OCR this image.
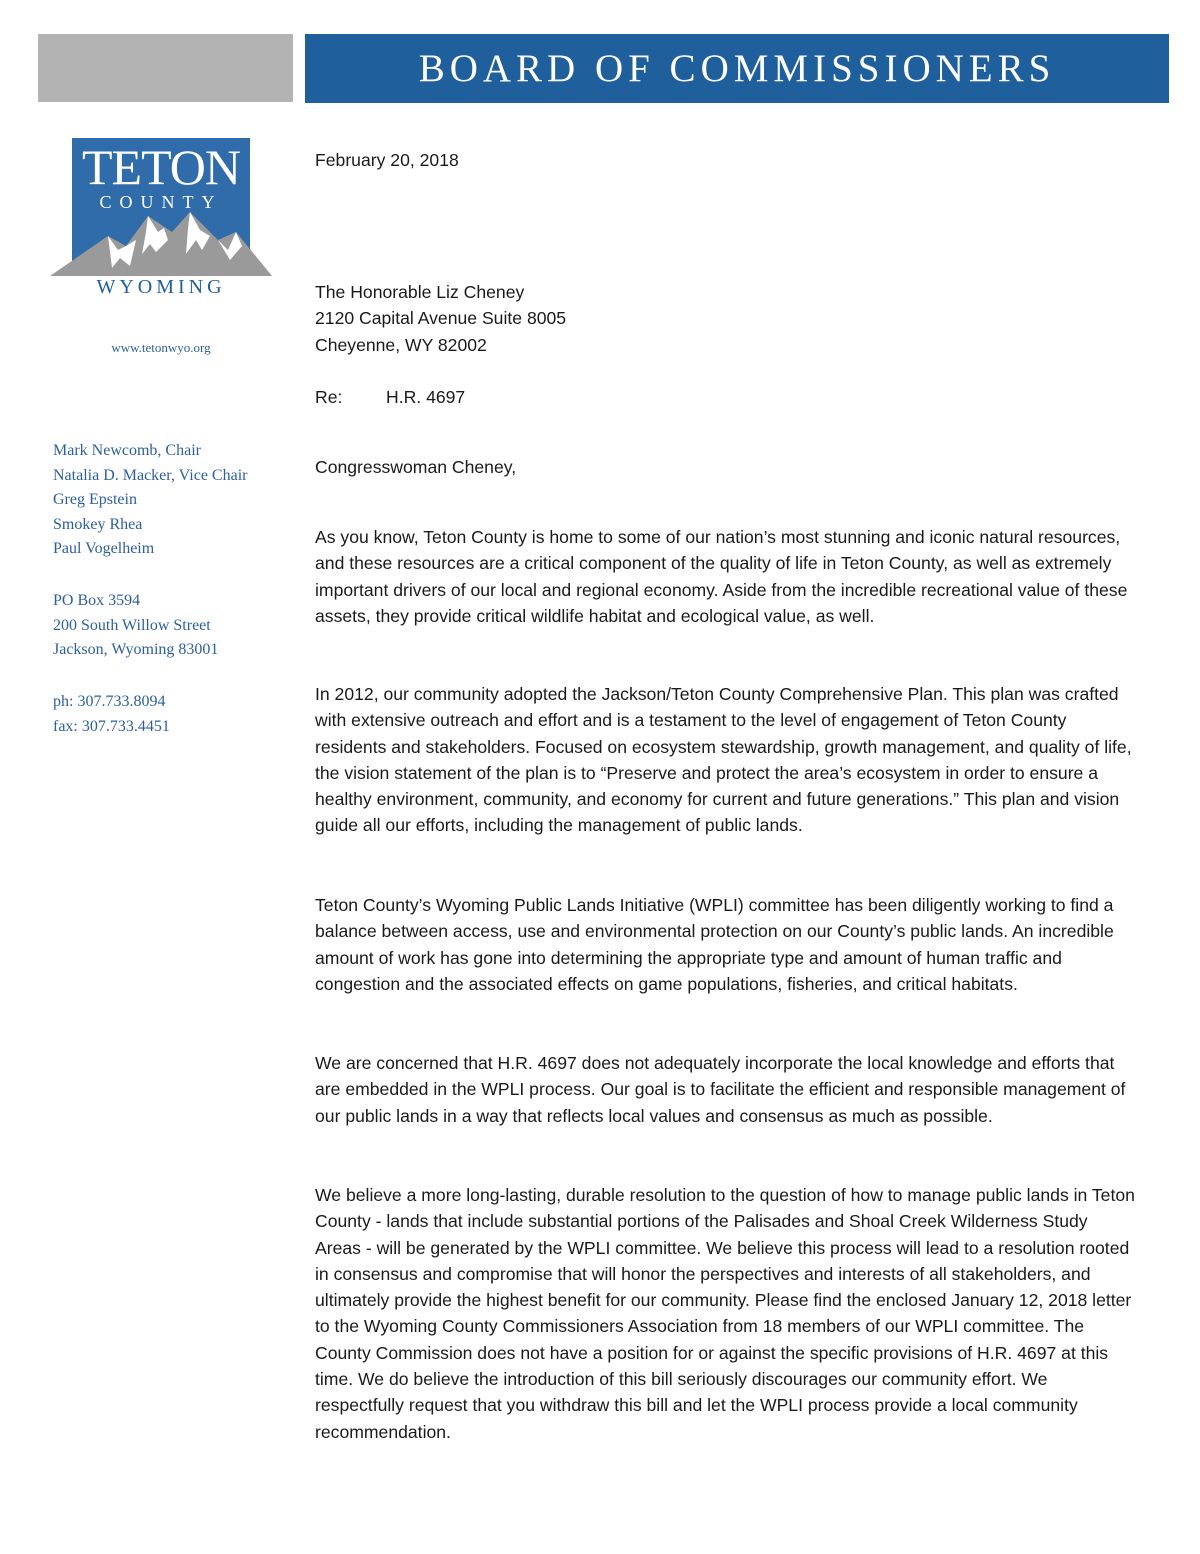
BOARD OF COMMISSIONERS
TETON
COUNTY
WYOMING
www.tetonwyo.org
Mark Newcomb, Chair
Natalia D. Macker, Vice Chair
Greg Epstein
Smokey Rhea
Paul Vogelheim
PO Box 3594
200 South Willow Street
Jackson, Wyoming 83001
ph: 307.733.8094
fax: 307.733.4451
February 20, 2018
The Honorable Liz Cheney
2120 Capital Avenue Suite 8005
Cheyenne, WY 82002
Re: H.R. 4697
Congresswoman Cheney,

As you know, Teton County is home to some of our nation’s most stunning and iconic natural resources, and these resources are a critical component of the quality of life in Teton County, as well as extremely important drivers of our local and regional economy. Aside from the incredible recreational value of these assets, they provide critical wildlife habitat and ecological value, as well.

In 2012, our community adopted the Jackson/Teton County Comprehensive Plan. This plan was crafted with extensive outreach and effort and is a testament to the level of engagement of Teton County residents and stakeholders. Focused on ecosystem stewardship, growth management, and quality of life, the vision statement of the plan is to “Preserve and protect the area’s ecosystem in order to ensure a healthy environment, community, and economy for current and future generations.” This plan and vision guide all our efforts, including the management of public lands.

Teton County’s Wyoming Public Lands Initiative (WPLI) committee has been diligently working to find a balance between access, use and environmental protection on our County’s public lands. An incredible amount of work has gone into determining the appropriate type and amount of human traffic and congestion and the associated effects on game populations, fisheries, and critical habitats.

We are concerned that H.R. 4697 does not adequately incorporate the local knowledge and efforts that are embedded in the WPLI process. Our goal is to facilitate the efficient and responsible management of our public lands in a way that reflects local values and consensus as much as possible.

We believe a more long-lasting, durable resolution to the question of how to manage public lands in Teton County - lands that include substantial portions of the Palisades and Shoal Creek Wilderness Study Areas - will be generated by the WPLI committee. We believe this process will lead to a resolution rooted in consensus and compromise that will honor the perspectives and interests of all stakeholders, and ultimately provide the highest benefit for our community. Please find the enclosed January 12, 2018 letter to the Wyoming County Commissioners Association from 18 members of our WPLI committee. The County Commission does not have a position for or against the specific provisions of H.R. 4697 at this time. We do believe the introduction of this bill seriously discourages our community effort. We respectfully request that you withdraw this bill and let the WPLI process provide a local community recommendation.
